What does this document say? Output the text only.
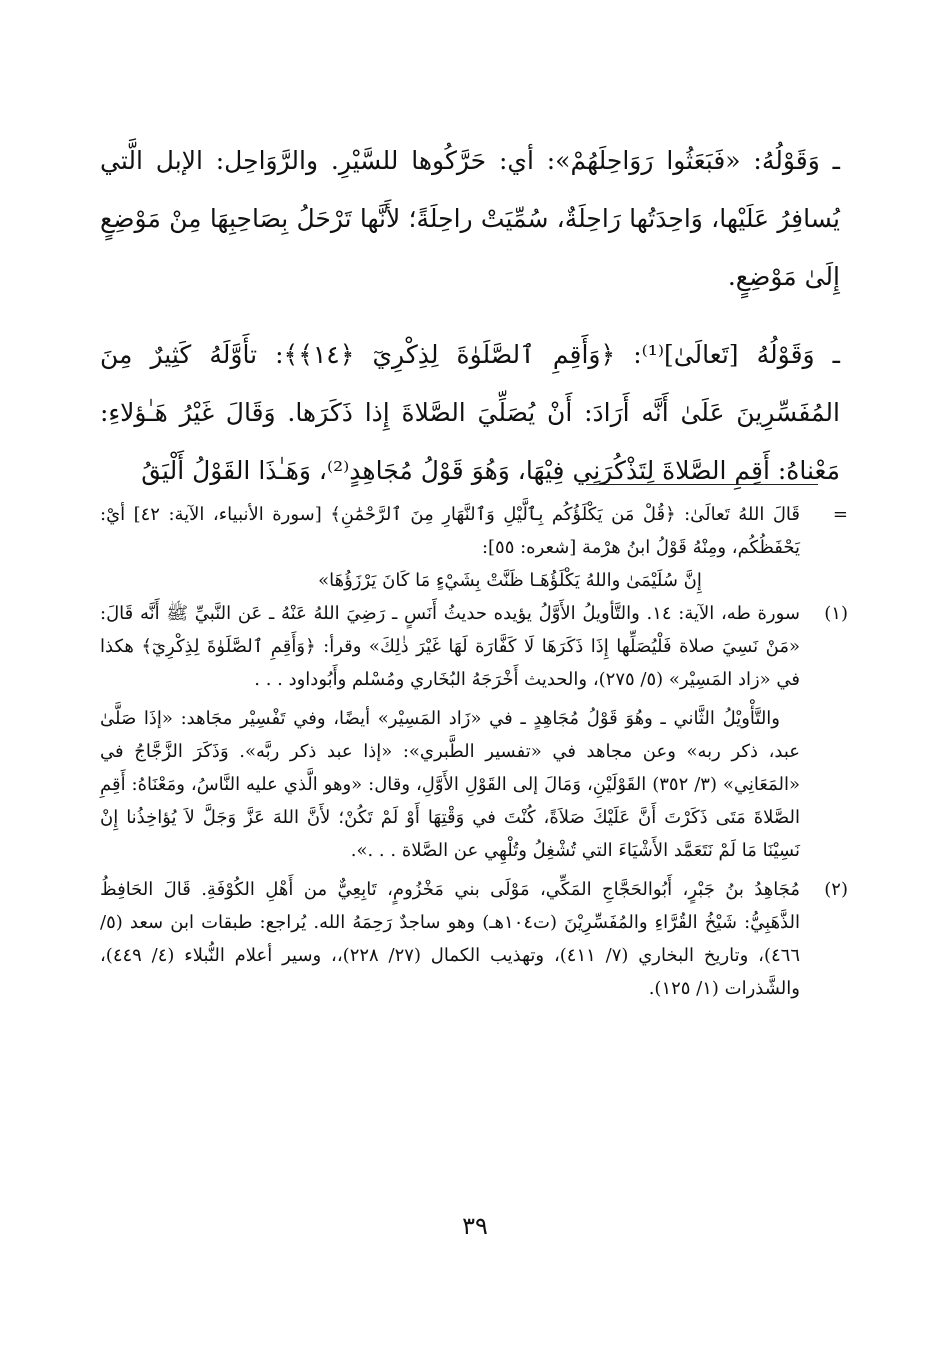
ـ وَقَوْلُهُ: «فَبَعَثُوا رَوَاحِلَهُمْ»: أي: حَرَّكُوها للسَّيْرِ. والرَّوَاحِل: الإبل الَّتي يُسافِرُ عَلَيْها، وَاحِدَتُها رَاحِلَةٌ، سُمِّيَتْ راحِلَةً؛ لأَنَّها تَرْحَلُ بِصَاحِبِهَا مِنْ مَوْضِعٍ إِلَىٰ مَوْضِعٍ.

ـ وَقَوْلُهُ [تَعالَىٰ]⁽¹⁾: ﴿وَأَقِمِ ٱلصَّلَوٰةَ لِذِكْرِيٓ ﴿١٤﴾﴾: تأَوَّلَهُ كَثِيرٌ مِنَ المُفَسِّرِينَ عَلَىٰ أَنَّه أَرَادَ: أَنْ يُصَلِّيَ الصَّلاةَ إِذا ذَكَرَها. وَقَالَ غَيْرُ هَـٰؤلاءِ: مَعْناهُ: أَقِمِ الصَّلاةَ لِتَذْكُرَنِي فِيْهَا، وَهُوَ قَوْلُ مُجَاهِدٍ⁽²⁾، وَهَـٰذَا القَوْلُ أَلْيَقُ

=
قَالَ اللهُ تَعالَىٰ: ﴿قُلْ مَن يَكْلَؤُكُم بِٱلَّيْلِ وَٱلنَّهَارِ مِنَ ٱلرَّحْمَٰنِ﴾ [سورة الأنبياء، الآية: ٤٢] أيْ: يَحْفَظُكُم، ومِنْهُ قَوْلُ ابنُ هرْمة [شعره: ٥٥]:
إِنَّ سُلَيْمَىٰ واللهُ يَكْلَؤُهَـا ظَنَّتْ بِشَيْءٍ مَا كَانَ يَرْزَؤُهَا»
(١)

سورة طه، الآية: ١٤. والتَّأويلُ الأَوَّلُ يؤيده حديثُ أَنَسٍ ـ رَضِيَ اللهُ عَنْهُ ـ عَن النَّبيِّ ﷺ أَنَّه قَالَ: «مَنْ نَسِيَ صلاة فَلْيُصَلِّها إِذَا ذَكَرَهَا لَا كَفَّارَة لَهَا غَيْرَ ذٰلِكَ» وقرأ: ﴿وَأَقِمِ ٱلصَّلَوٰةَ لِذِكْرِيٓ﴾ هكذا في «زاد المَسِيْر» (٥/ ٢٧٥)، والحديث أَخْرَجَهُ البُخَاري ومُسْلم وأَبُوداود . . .

والتَّأْويْلُ الثَّاني ـ وهُوَ قَوْلُ مُجَاهِدٍ ـ في «زَاد المَسِيْر» أيضًا، وفي تَفْسِيْر مجَاهد: «إذَا صَلَّىٰ عبد، ذكر ربه» وعن مجاهد في «تفسير الطَّبري»: «إذا عبد ذكر ربَّه». وَذَكَرَ الزَّجَّاجُ في «المَعَانِي» (٣/ ٣٥٢) القَوْلَيْنِ، وَمَالَ إلى القَوْلِ الأَوَّلِ، وقال: «وهو الَّذي عليه النَّاسُ، ومَعْنَاهُ: أَقِمِ الصَّلاةَ مَتَى ذَكَرْتَ أَنَّ عَلَيْكَ صَلاَةً، كُنْتَ في وَقْتِهَا أَوْ لَمْ تَكُنْ؛ لأَنَّ اللهَ عَزَّ وَجَلَّ لاَ يُؤاخِذُنا إِنْ نَسِيْنَا مَا لَمْ نَتَعَمَّد الأَشْيَاءَ التي تُشْغِلُ وتُلْهِي عن الصَّلاة . . .».

(٢)

مُجَاهِدُ بنُ جَبْرٍ، أَبُوالحَجَّاجِ المَكِّي، مَوْلَى بني مَخْزُومٍ، تَابِعِيٌّ من أَهْلِ الكُوْفَةِ. قَالَ الحَافِظُ الذَّهَبِيُّ: شَيْخُ القُرَّاءِ والمُفَسِّرِيْنَ (ت١٠٤هـ) وهو ساجدٌ رَحِمَهُ الله. يُراجع: طبقات ابن سعد (٥/ ٤٦٦)، وتاريخ البخاري (٧/ ٤١١)، وتهذيب الكمال (٢٧/ ٢٢٨)،، وسير أعلام النُّبلاء (٤/ ٤٤٩)، والشَّذرات (١/ ١٢٥).

٣٩
